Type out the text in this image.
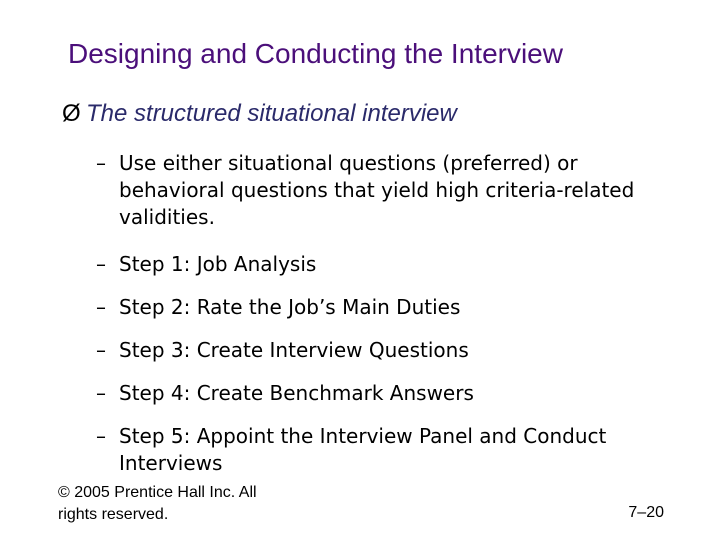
Designing and Conducting the Interview
Ø The structured situational interview
– Use either situational questions (preferred) or behavioral questions that yield high criteria-related validities.
– Step 1: Job Analysis
– Step 2: Rate the Job’s Main Duties
– Step 3: Create Interview Questions
– Step 4: Create Benchmark Answers
– Step 5: Appoint the Interview Panel and Conduct
Interviews
© 2005 Prentice Hall Inc. All rights reserved.	7–20
